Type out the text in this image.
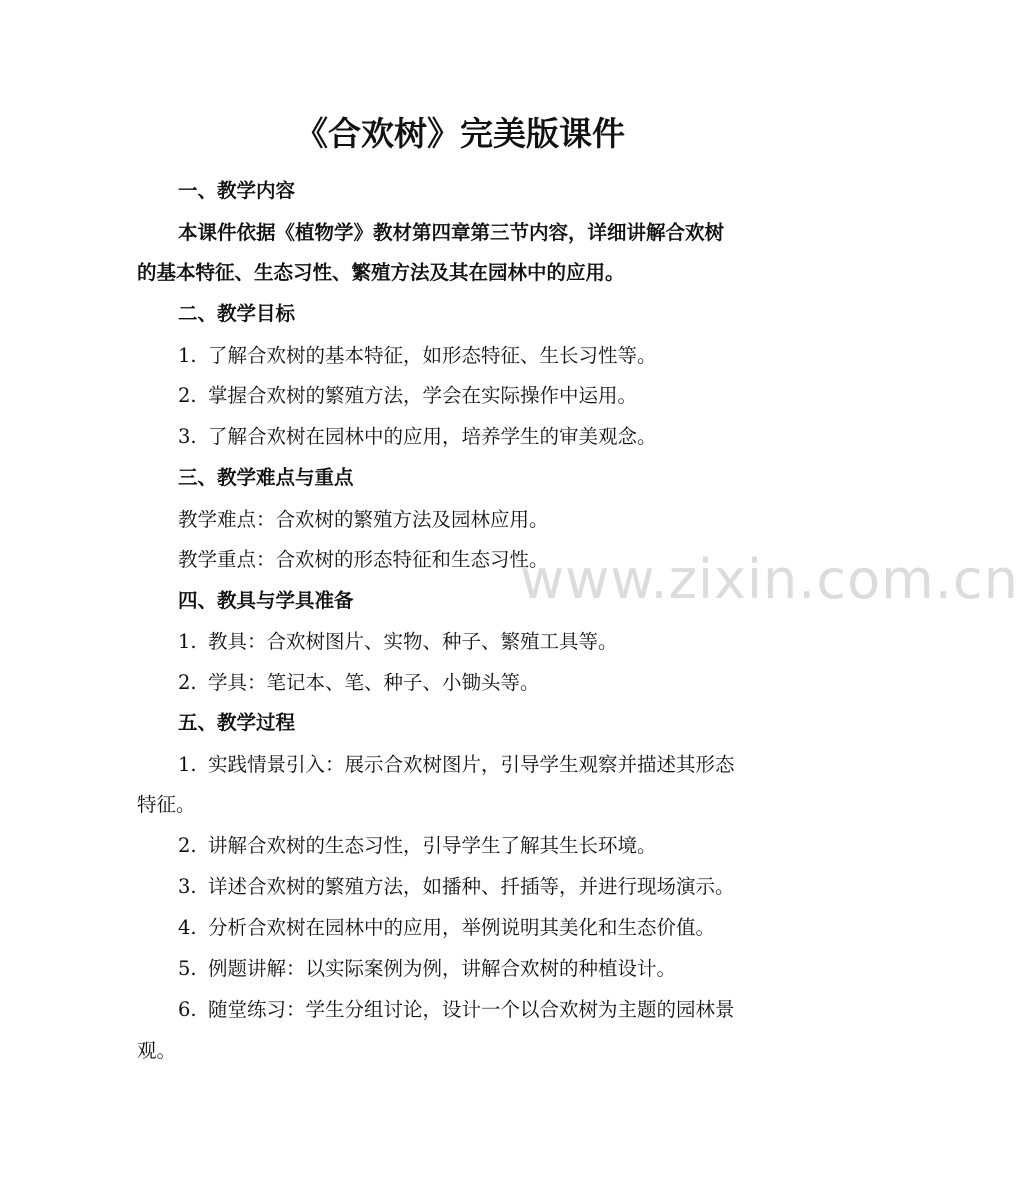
www.zixin.com.cn
《合欢树》完美版课件
一、教学内容
本课件依据《植物学》教材第四章第三节内容，详细讲解合欢树
的基本特征、生态习性、繁殖方法及其在园林中的应用。
二、教学目标
1. 了解合欢树的基本特征，如形态特征、生长习性等。
2. 掌握合欢树的繁殖方法，学会在实际操作中运用。
3. 了解合欢树在园林中的应用，培养学生的审美观念。
三、教学难点与重点
教学难点：合欢树的繁殖方法及园林应用。
教学重点：合欢树的形态特征和生态习性。
四、教具与学具准备
1. 教具：合欢树图片、实物、种子、繁殖工具等。
2. 学具：笔记本、笔、种子、小锄头等。
五、教学过程
1. 实践情景引入：展示合欢树图片，引导学生观察并描述其形态
特征。
2. 讲解合欢树的生态习性，引导学生了解其生长环境。
3. 详述合欢树的繁殖方法，如播种、扦插等，并进行现场演示。
4. 分析合欢树在园林中的应用，举例说明其美化和生态价值。
5. 例题讲解：以实际案例为例，讲解合欢树的种植设计。
6. 随堂练习：学生分组讨论，设计一个以合欢树为主题的园林景
观。
